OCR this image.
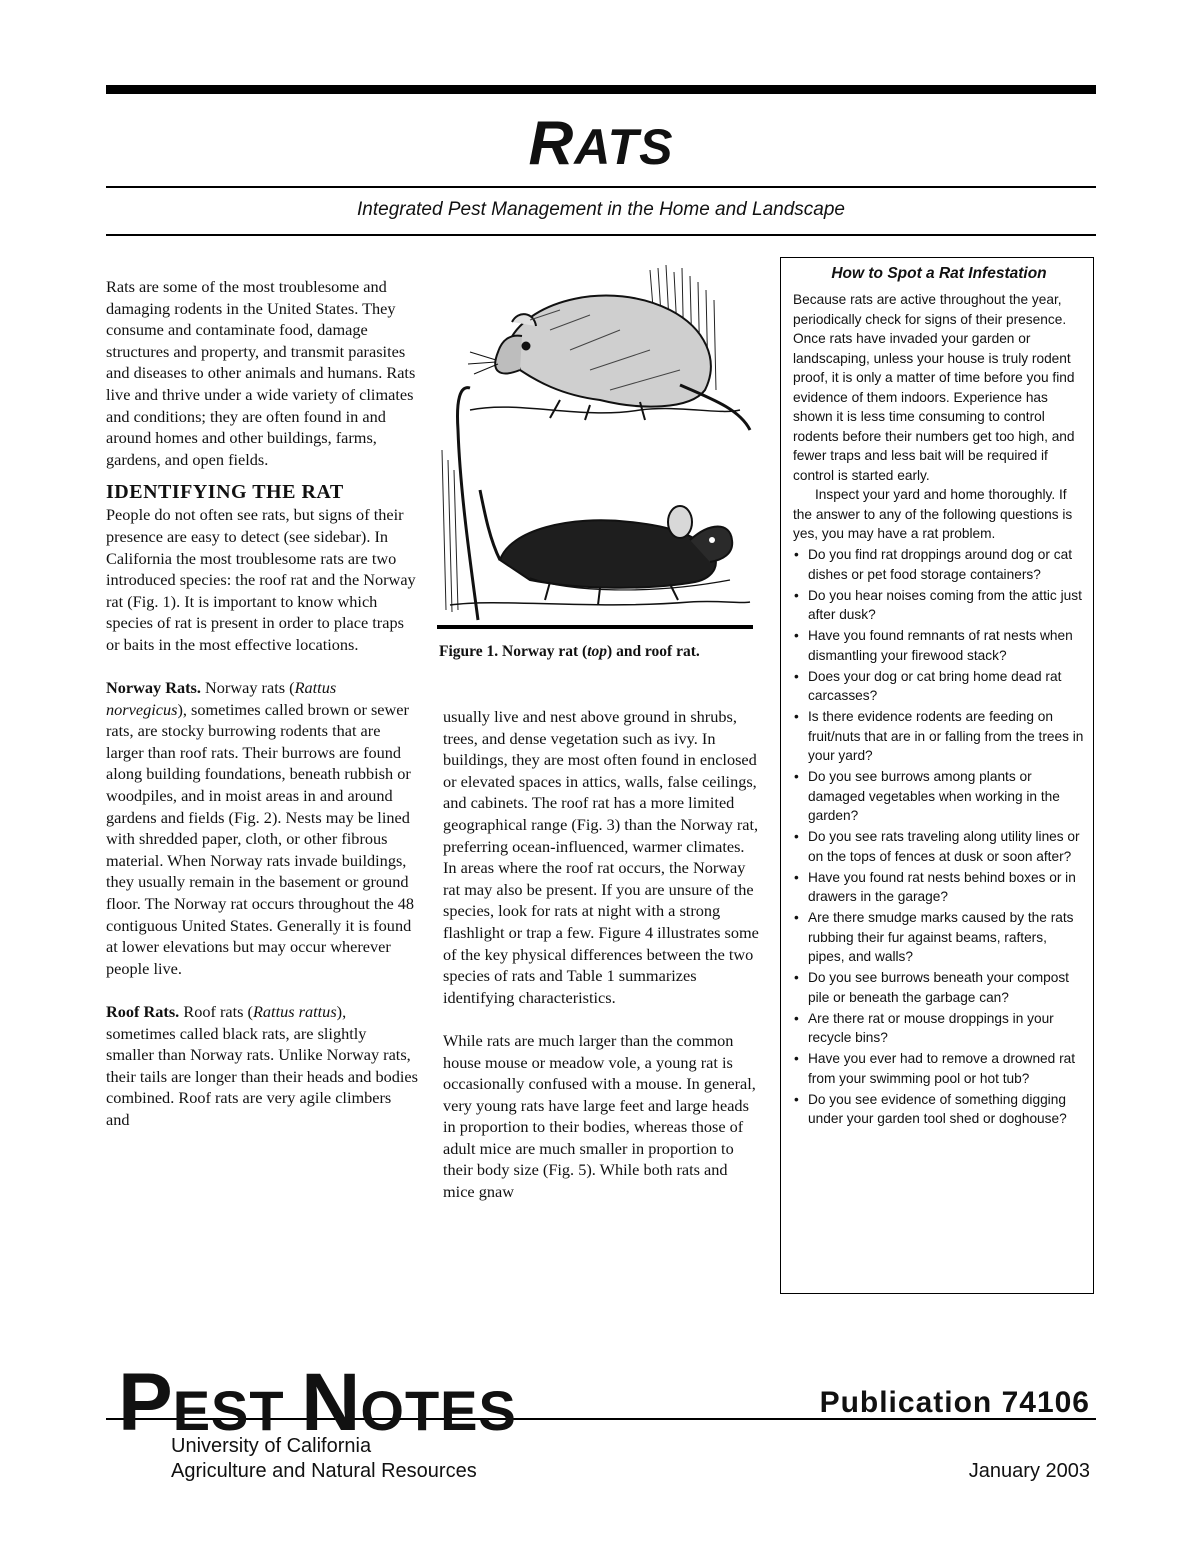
RATS
Integrated Pest Management in the Home and Landscape

Rats are some of the most troublesome and damaging rodents in the United States. They consume and contaminate food, damage structures and property, and transmit parasites and diseases to other animals and humans. Rats live and thrive under a wide variety of climates and conditions; they are often found in and around homes and other buildings, farms, gardens, and open fields.

IDENTIFYING THE RAT

People do not often see rats, but signs of their presence are easy to detect (see sidebar). In California the most troublesome rats are two introduced species: the roof rat and the Norway rat (Fig. 1). It is important to know which species of rat is present in order to place traps or baits in the most effective locations.

Norway Rats. Norway rats (Rattus norvegicus), sometimes called brown or sewer rats, are stocky burrowing rodents that are larger than roof rats. Their burrows are found along building foundations, beneath rubbish or woodpiles, and in moist areas in and around gardens and fields (Fig. 2). Nests may be lined with shredded paper, cloth, or other fibrous material. When Norway rats invade buildings, they usually remain in the basement or ground floor. The Norway rat occurs throughout the 48 contiguous United States. Generally it is found at lower elevations but may occur wherever people live.

Roof Rats. Roof rats (Rattus rattus), sometimes called black rats, are slightly smaller than Norway rats. Unlike Norway rats, their tails are longer than their heads and bodies combined. Roof rats are very agile climbers and

Figure 1. Norway rat (top) and roof rat.

usually live and nest above ground in shrubs, trees, and dense vegetation such as ivy. In buildings, they are most often found in enclosed or elevated spaces in attics, walls, false ceilings, and cabinets. The roof rat has a more limited geographical range (Fig. 3) than the Norway rat, preferring ocean-influenced, warmer climates. In areas where the roof rat occurs, the Norway rat may also be present. If you are unsure of the species, look for rats at night with a strong flashlight or trap a few. Figure 4 illustrates some of the key physical differences between the two species of rats and Table 1 summarizes identifying characteristics.

While rats are much larger than the common house mouse or meadow vole, a young rat is occasionally confused with a mouse. In general, very young rats have large feet and large heads in proportion to their bodies, whereas those of adult mice are much smaller in proportion to their body size (Fig. 5). While both rats and mice gnaw

How to Spot a Rat Infestation

Because rats are active throughout the year, periodically check for signs of their presence. Once rats have invaded your garden or landscaping, unless your house is truly rodent proof, it is only a matter of time before you find evidence of them indoors. Experience has shown it is less time consuming to control rodents before their numbers get too high, and fewer traps and less bait will be required if control is started early.

Inspect your yard and home thoroughly. If the answer to any of the following questions is yes, you may have a rat problem.

• Do you find rat droppings around dog or cat dishes or pet food storage containers?
• Do you hear noises coming from the attic just after dusk?
• Have you found remnants of rat nests when dismantling your firewood stack?
• Does your dog or cat bring home dead rat carcasses?
• Is there evidence rodents are feeding on fruit/nuts that are in or falling from the trees in your yard?
• Do you see burrows among plants or damaged vegetables when working in the garden?
• Do you see rats traveling along utility lines or on the tops of fences at dusk or soon after?
• Have you found rat nests behind boxes or in drawers in the garage?
• Are there smudge marks caused by the rats rubbing their fur against beams, rafters, pipes, and walls?
• Do you see burrows beneath your compost pile or beneath the garbage can?
• Are there rat or mouse droppings in your recycle bins?
• Have you ever had to remove a drowned rat from your swimming pool or hot tub?
• Do you see evidence of something digging under your garden tool shed or doghouse?
PEST NOTES	Publication 74106
University of California
Agriculture and Natural Resources	January 2003
